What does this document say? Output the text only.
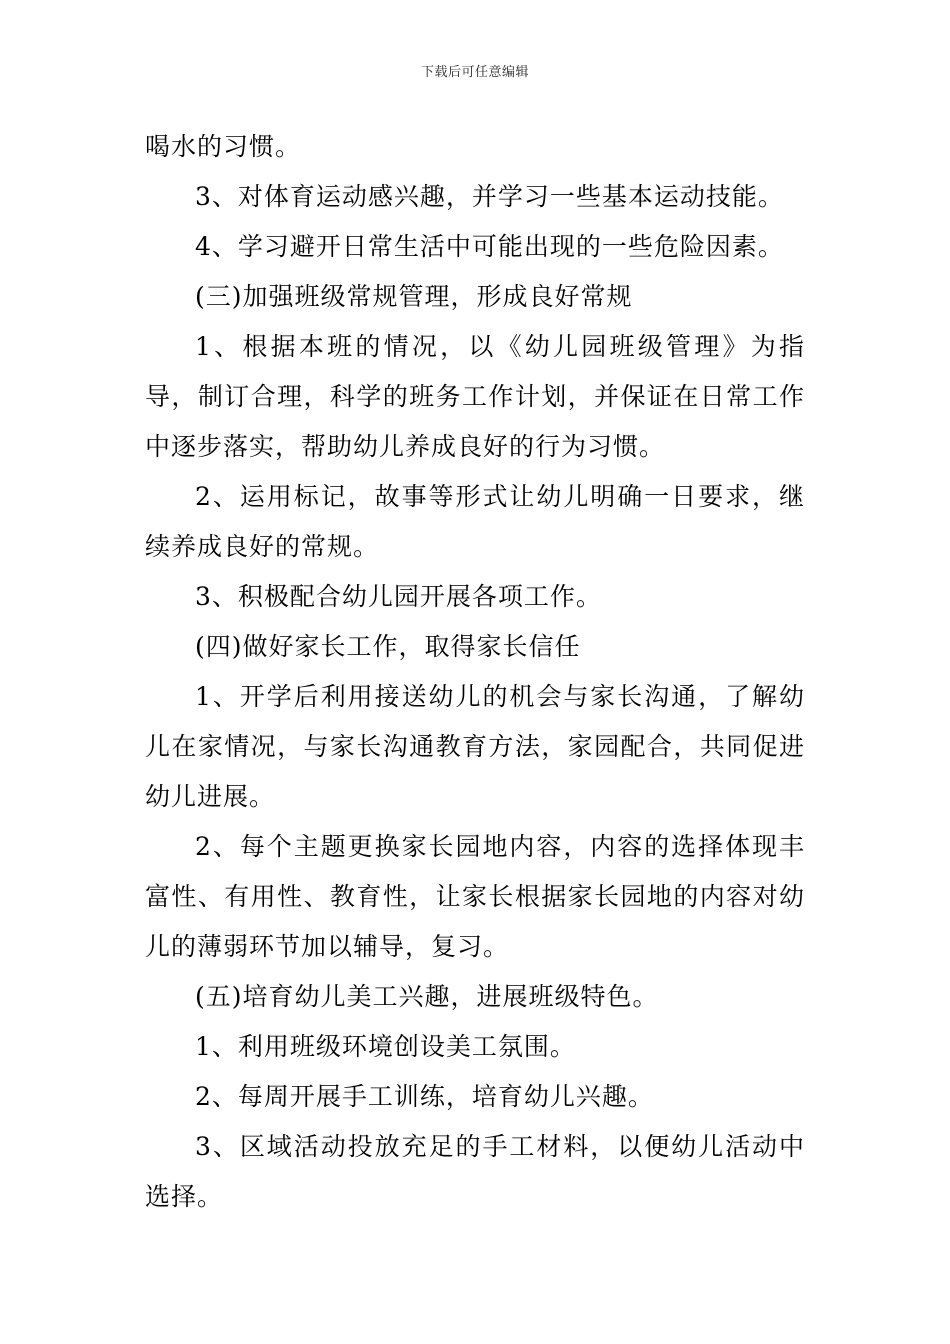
下载后可任意编辑

喝水的习惯。

3、对体育运动感兴趣，并学习一些基本运动技能。

4、学习避开日常生活中可能出现的一些危险因素。

(三)加强班级常规管理，形成良好常规

1、根据本班的情况，以《幼儿园班级管理》为指导，制订合理，科学的班务工作计划，并保证在日常工作中逐步落实，帮助幼儿养成良好的行为习惯。

2、运用标记，故事等形式让幼儿明确一日要求，继续养成良好的常规。

3、积极配合幼儿园开展各项工作。

(四)做好家长工作，取得家长信任

1、开学后利用接送幼儿的机会与家长沟通，了解幼儿在家情况，与家长沟通教育方法，家园配合，共同促进幼儿进展。

2、每个主题更换家长园地内容，内容的选择体现丰富性、有用性、教育性，让家长根据家长园地的内容对幼儿的薄弱环节加以辅导，复习。

(五)培育幼儿美工兴趣，进展班级特色。

1、利用班级环境创设美工氛围。

2、每周开展手工训练，培育幼儿兴趣。

3、区域活动投放充足的手工材料，以便幼儿活动中选择。
